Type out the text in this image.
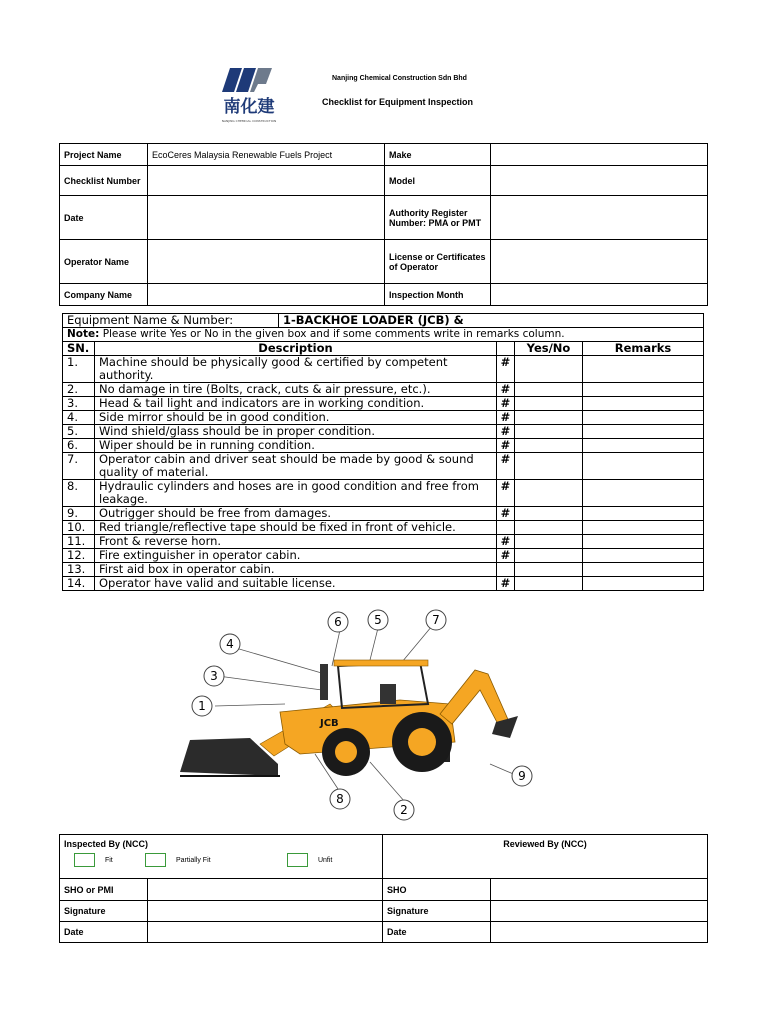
南化建
NANJING CHEMICAL CONSTRUCTION
Nanjing Chemical Construction Sdn Bhd
Checklist for Equipment Inspection
Project Name	EcoCeres Malaysia Renewable Fuels Project	Make	
Checklist Number		Model	
Date		Authority Register Number: PMA or PMT	
Operator Name		License or Certificates of Operator	
Company Name		Inspection Month	
Equipment Name & Number:		1-BACKHOE LOADER (JCB) &			
Note: Please write Yes or No in the given box and if some comments write in remarks column.					
SN.	Description			Yes/No	Remarks
1.	Machine should be physically good & certified by competent authority.		#		
2.	No damage in tire (Bolts, crack, cuts & air pressure, etc.).		#		
3.	Head & tail light and indicators are in working condition.		#		
4.	Side mirror should be in good condition.		#		
5.	Wind shield/glass should be in proper condition.		#		
6.	Wiper should be in running condition.		#		
7.	Operator cabin and driver seat should be made by good & sound quality of material.		#		
8.	Hydraulic cylinders and hoses are in good condition and free from leakage.		#		
9.	Outrigger should be free from damages.		#		
10.	Red triangle/reflective tape should be fixed in front of vehicle.				
11.	Front & reverse horn.		#		
12.	Fire extinguisher in operator cabin.		#		
13.	First aid box in operator cabin.				
14.	Operator have valid and suitable license.		#		
JCB
1
2
3
4
5
6	7
8
9
Inspected By (NCC)		Reviewed By (NCC)	
SHO or PMI		SHO	
Signature		Signature	
Date		Date	
Fit	Partially Fit	Unfit
